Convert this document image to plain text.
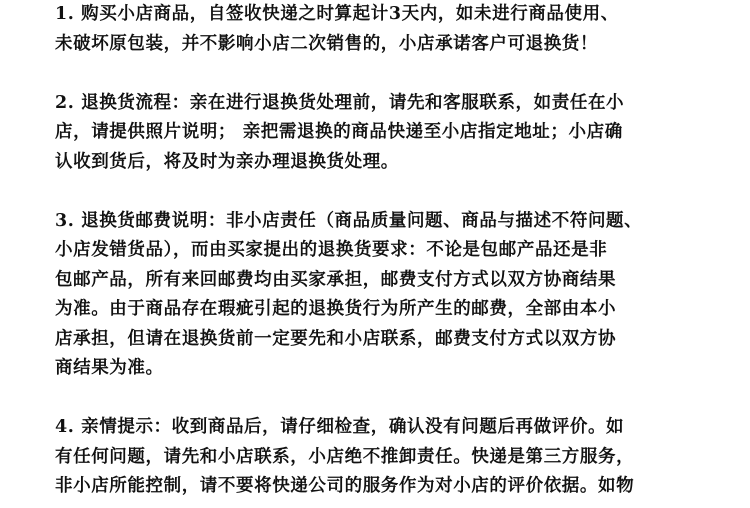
1. 购买小店商品，自签收快递之时算起计3天内，如未进行商品使用、
未破坏原包装，并不影响小店二次销售的，小店承诺客户可退换货！
2. 退换货流程：亲在进行退换货处理前，请先和客服联系，如责任在小
店，请提供照片说明； 亲把需退换的商品快递至小店指定地址；小店确
认收到货后，将及时为亲办理退换货处理。
3. 退换货邮费说明：非小店责任（商品质量问题、商品与描述不符问题、
小店发错货品），而由买家提出的退换货要求：不论是包邮产品还是非
包邮产品，所有来回邮费均由买家承担，邮费支付方式以双方协商结果
为准。由于商品存在瑕疵引起的退换货行为所产生的邮费，全部由本小
店承担，但请在退换货前一定要先和小店联系，邮费支付方式以双方协
商结果为准。
4. 亲情提示：收到商品后，请仔细检查，确认没有问题后再做评价。如
有任何问题，请先和小店联系，小店绝不推卸责任。快递是第三方服务，
非小店所能控制，请不要将快递公司的服务作为对小店的评价依据。如物
